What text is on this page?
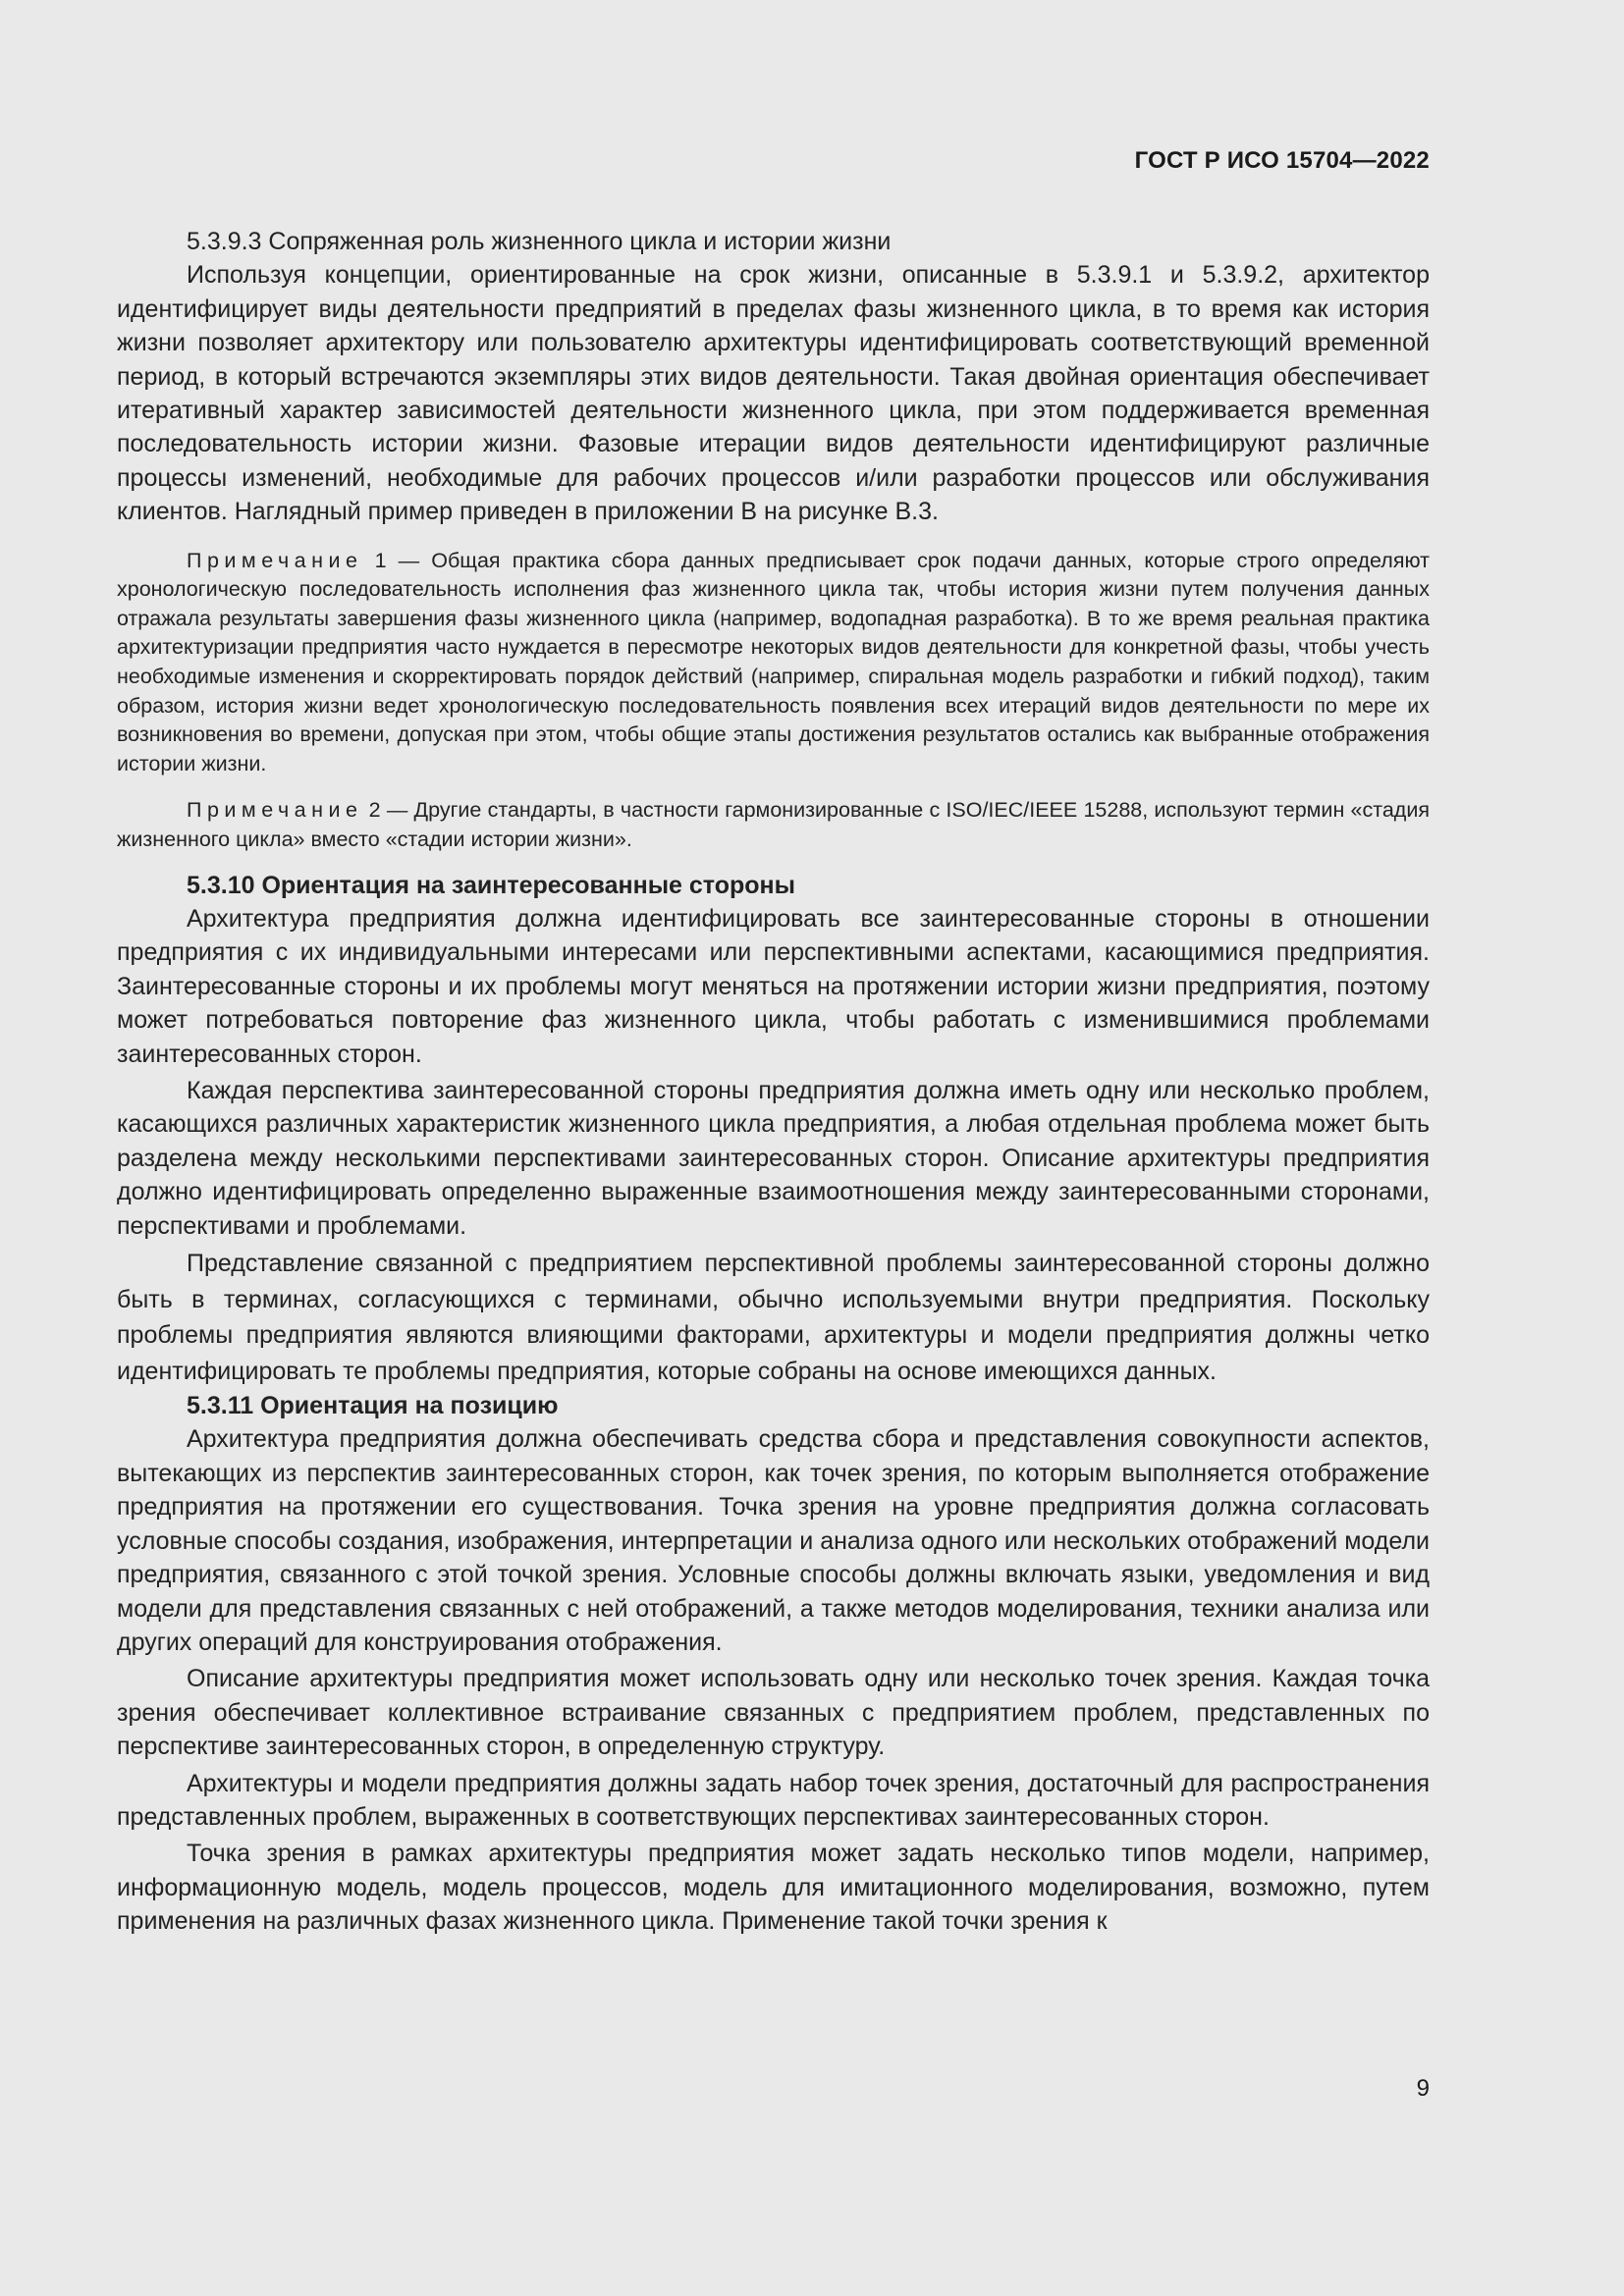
ГОСТ Р ИСО 15704—2022

5.3.9.3 Сопряженная роль жизненного цикла и истории жизни

Используя концепции, ориентированные на срок жизни, описанные в 5.3.9.1 и 5.3.9.2, архитектор идентифицирует виды деятельности предприятий в пределах фазы жизненного цикла, в то время как история жизни позволяет архитектору или пользователю архитектуры идентифицировать соответствующий временной период, в который встречаются экземпляры этих видов деятельности. Такая двойная ориентация обеспечивает итеративный характер зависимостей деятельности жизненного цикла, при этом поддерживается временная последовательность истории жизни. Фазовые итерации видов деятельности идентифицируют различные процессы изменений, необходимые для рабочих процессов и/или разработки процессов или обслуживания клиентов. Наглядный пример приведен в приложении В на рисунке В.3.

Примечание 1 — Общая практика сбора данных предписывает срок подачи данных, которые строго определяют хронологическую последовательность исполнения фаз жизненного цикла так, чтобы история жизни путем получения данных отражала результаты завершения фазы жизненного цикла (например, водопадная разработка). В то же время реальная практика архитектуризации предприятия часто нуждается в пересмотре некоторых видов деятельности для конкретной фазы, чтобы учесть необходимые изменения и скорректировать порядок действий (например, спиральная модель разработки и гибкий подход), таким образом, история жизни ведет хронологическую последовательность появления всех итераций видов деятельности по мере их возникновения во времени, допуская при этом, чтобы общие этапы достижения результатов остались как выбранные отображения истории жизни.

Примечание 2 — Другие стандарты, в частности гармонизированные с ISO/IEC/IEEE 15288, используют термин «стадия жизненного цикла» вместо «стадии истории жизни».

5.3.10 Ориентация на заинтересованные стороны

Архитектура предприятия должна идентифицировать все заинтересованные стороны в отношении предприятия с их индивидуальными интересами или перспективными аспектами, касающимися предприятия. Заинтересованные стороны и их проблемы могут меняться на протяжении истории жизни предприятия, поэтому может потребоваться повторение фаз жизненного цикла, чтобы работать с изменившимися проблемами заинтересованных сторон.

Каждая перспектива заинтересованной стороны предприятия должна иметь одну или несколько проблем, касающихся различных характеристик жизненного цикла предприятия, а любая отдельная проблема может быть разделена между несколькими перспективами заинтересованных сторон. Описание архитектуры предприятия должно идентифицировать определенно выраженные взаимоотношения между заинтересованными сторонами, перспективами и проблемами.

Представление связанной с предприятием перспективной проблемы заинтересованной стороны должно быть в терминах, согласующихся с терминами, обычно используемыми внутри предприятия. Поскольку проблемы предприятия являются влияющими факторами, архитектуры и модели предприятия должны четко идентифицировать те проблемы предприятия, которые собраны на основе имеющихся данных.

5.3.11 Ориентация на позицию

Архитектура предприятия должна обеспечивать средства сбора и представления совокупности аспектов, вытекающих из перспектив заинтересованных сторон, как точек зрения, по которым выполняется отображение предприятия на протяжении его существования. Точка зрения на уровне предприятия должна согласовать условные способы создания, изображения, интерпретации и анализа одного или нескольких отображений модели предприятия, связанного с этой точкой зрения. Условные способы должны включать языки, уведомления и вид модели для представления связанных с ней отображений, а также методов моделирования, техники анализа или других операций для конструирования отображения.

Описание архитектуры предприятия может использовать одну или несколько точек зрения. Каждая точка зрения обеспечивает коллективное встраивание связанных с предприятием проблем, представленных по перспективе заинтересованных сторон, в определенную структуру.

Архитектуры и модели предприятия должны задать набор точек зрения, достаточный для распространения представленных проблем, выраженных в соответствующих перспективах заинтересованных сторон.

Точка зрения в рамках архитектуры предприятия может задать несколько типов модели, например, информационную модель, модель процессов, модель для имитационного моделирования, возможно, путем применения на различных фазах жизненного цикла. Применение такой точки зрения к

9
